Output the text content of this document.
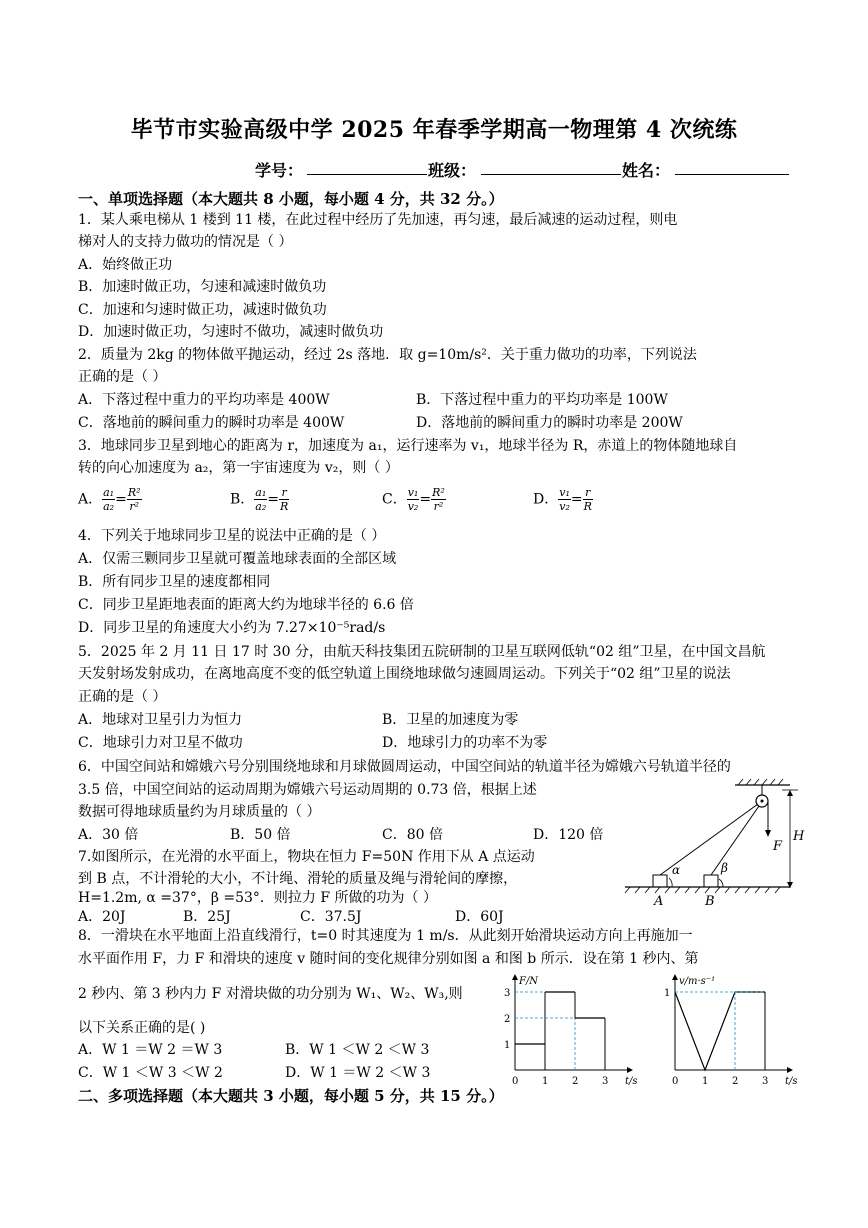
毕节市实验高级中学 2025 年春季学期高一物理第 4 次统练
学号：	班级：	姓名：
一、单项选择题（本大题共 8 小题，每小题 4 分，共 32 分。）
1．某人乘电梯从 1 楼到 11 楼，在此过程中经历了先加速，再匀速，最后减速的运动过程，则电
梯对人的支持力做功的情况是（ ）
A．始终做正功
B．加速时做正功，匀速和减速时做负功
C．加速和匀速时做正功，减速时做负功
D．加速时做正功，匀速时不做功，减速时做负功
2．质量为 2kg 的物体做平抛运动，经过 2s 落地．取 g=10m/s²．关于重力做功的功率，下列说法
正确的是（ ）
A．下落过程中重力的平均功率是 400W	B．下落过程中重力的平均功率是 100W
C．落地前的瞬间重力的瞬时功率是 400W	D．落地前的瞬间重力的瞬时功率是 200W
3．地球同步卫星到地心的距离为 r，加速度为 a₁，运行速率为 v₁，地球半径为 R，赤道上的物体随地球自
转的向心加速度为 a₂，第一宇宙速度为 v₂，则（ ）
A． $\frac{\text{a₁}}{\text{a₂}} = \frac{\text{R²}}{\text{r²}}$	B． $\frac{\text{a₁}}{\text{a₂}} = \frac{r}{R}$	C． $\frac{\text{v₁}}{\text{v₂}} = \frac{\text{R²}}{\text{r²}}$	D． $\frac{\text{v₁}}{\text{v₂}} = \frac{r}{R}$
4．下列关于地球同步卫星的说法中正确的是（ ）
A．仅需三颗同步卫星就可覆盖地球表面的全部区域
B．所有同步卫星的速度都相同
C．同步卫星距地表面的距离大约为地球半径的 6.6 倍
D．同步卫星的角速度大小约为 7.27×10⁻⁵rad/s
5．2025 年 2 月 11 日 17 时 30 分，由航天科技集团五院研制的卫星互联网低轨“02 组”卫星，在中国文昌航
天发射场发射成功，在离地高度不变的低空轨道上围绕地球做匀速圆周运动。下列关于“02 组”卫星的说法
正确的是（ ）
A．地球对卫星引力为恒力	B．卫星的加速度为零
C．地球引力对卫星不做功	D．地球引力的功率不为零
6．中国空间站和嫦娥六号分别围绕地球和月球做圆周运动，中国空间站的轨道半径为嫦娥六号轨道半径的
3.5 倍，中国空间站的运动周期为嫦娥六号运动周期的 0.73 倍，根据上述
数据可得地球质量约为月球质量的（ ）
A．30 倍	B．50 倍	C．80 倍	D．120 倍
7.如图所示，在光滑的水平面上，物块在恒力 F=50N 作用下从 A 点运动
到 B 点，不计滑轮的大小，不计绳、滑轮的质量及绳与滑轮间的摩擦，
H=1.2m, α =37°，β =53°．则拉力 F 所做的功为（ ）
A．20J	B．25J	C．37.5J	D．60J
F
H
α	β
A	B
8．一滑块在水平地面上沿直线滑行，t=0 时其速度为 1 m/s．从此刻开始滑块运动方向上再施加一
水平面作用 F，力 F 和滑块的速度 v 随时间的变化规律分别如图 a 和图 b 所示．设在第 1 秒内、第
2 秒内、第 3 秒内力 F 对滑块做的功分别为 W₁、W₂、W₃,则
以下关系正确的是( )
A．W 1 ＝W 2 ＝W 3	B．W 1 ＜W 2 ＜W 3
C．W 1 ＜W 3 ＜W 2	D．W 1 ＝W 2 ＜W 3
F/N
t/s
0 1 2 3
1
2
3
v/m·s⁻¹
t/s
0 1 2 3
1
二、多项选择题（本大题共 3 小题，每小题 5 分，共 15 分。）
